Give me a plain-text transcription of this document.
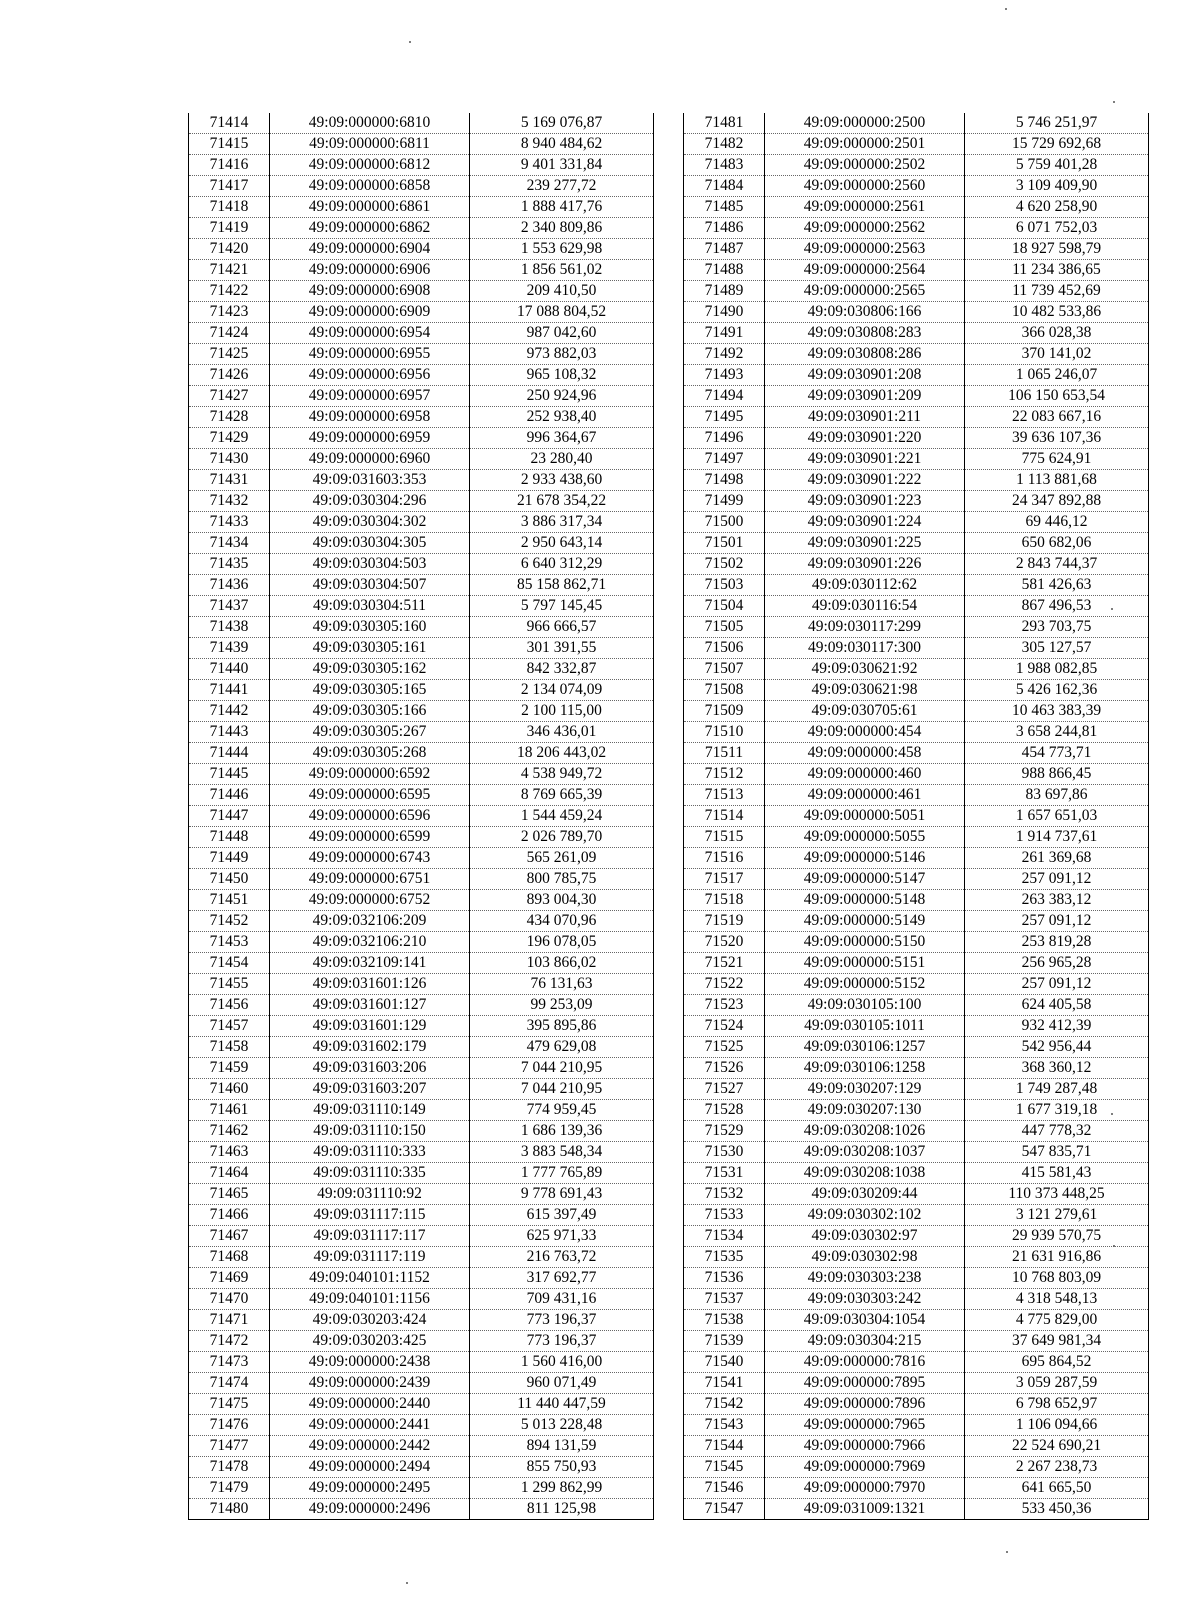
71414	49:09:000000:6810	5 169 076,87
71415	49:09:000000:6811	8 940 484,62
71416	49:09:000000:6812	9 401 331,84
71417	49:09:000000:6858	239 277,72
71418	49:09:000000:6861	1 888 417,76
71419	49:09:000000:6862	2 340 809,86
71420	49:09:000000:6904	1 553 629,98
71421	49:09:000000:6906	1 856 561,02
71422	49:09:000000:6908	209 410,50
71423	49:09:000000:6909	17 088 804,52
71424	49:09:000000:6954	987 042,60
71425	49:09:000000:6955	973 882,03
71426	49:09:000000:6956	965 108,32
71427	49:09:000000:6957	250 924,96
71428	49:09:000000:6958	252 938,40
71429	49:09:000000:6959	996 364,67
71430	49:09:000000:6960	23 280,40
71431	49:09:031603:353	2 933 438,60
71432	49:09:030304:296	21 678 354,22
71433	49:09:030304:302	3 886 317,34
71434	49:09:030304:305	2 950 643,14
71435	49:09:030304:503	6 640 312,29
71436	49:09:030304:507	85 158 862,71
71437	49:09:030304:511	5 797 145,45
71438	49:09:030305:160	966 666,57
71439	49:09:030305:161	301 391,55
71440	49:09:030305:162	842 332,87
71441	49:09:030305:165	2 134 074,09
71442	49:09:030305:166	2 100 115,00
71443	49:09:030305:267	346 436,01
71444	49:09:030305:268	18 206 443,02
71445	49:09:000000:6592	4 538 949,72
71446	49:09:000000:6595	8 769 665,39
71447	49:09:000000:6596	1 544 459,24
71448	49:09:000000:6599	2 026 789,70
71449	49:09:000000:6743	565 261,09
71450	49:09:000000:6751	800 785,75
71451	49:09:000000:6752	893 004,30
71452	49:09:032106:209	434 070,96
71453	49:09:032106:210	196 078,05
71454	49:09:032109:141	103 866,02
71455	49:09:031601:126	76 131,63
71456	49:09:031601:127	99 253,09
71457	49:09:031601:129	395 895,86
71458	49:09:031602:179	479 629,08
71459	49:09:031603:206	7 044 210,95
71460	49:09:031603:207	7 044 210,95
71461	49:09:031110:149	774 959,45
71462	49:09:031110:150	1 686 139,36
71463	49:09:031110:333	3 883 548,34
71464	49:09:031110:335	1 777 765,89
71465	49:09:031110:92	9 778 691,43
71466	49:09:031117:115	615 397,49
71467	49:09:031117:117	625 971,33
71468	49:09:031117:119	216 763,72
71469	49:09:040101:1152	317 692,77
71470	49:09:040101:1156	709 431,16
71471	49:09:030203:424	773 196,37
71472	49:09:030203:425	773 196,37
71473	49:09:000000:2438	1 560 416,00
71474	49:09:000000:2439	960 071,49
71475	49:09:000000:2440	11 440 447,59
71476	49:09:000000:2441	5 013 228,48
71477	49:09:000000:2442	894 131,59
71478	49:09:000000:2494	855 750,93
71479	49:09:000000:2495	1 299 862,99
71480	49:09:000000:2496	811 125,98
71481	49:09:000000:2500	5 746 251,97
71482	49:09:000000:2501	15 729 692,68
71483	49:09:000000:2502	5 759 401,28
71484	49:09:000000:2560	3 109 409,90
71485	49:09:000000:2561	4 620 258,90
71486	49:09:000000:2562	6 071 752,03
71487	49:09:000000:2563	18 927 598,79
71488	49:09:000000:2564	11 234 386,65
71489	49:09:000000:2565	11 739 452,69
71490	49:09:030806:166	10 482 533,86
71491	49:09:030808:283	366 028,38
71492	49:09:030808:286	370 141,02
71493	49:09:030901:208	1 065 246,07
71494	49:09:030901:209	106 150 653,54
71495	49:09:030901:211	22 083 667,16
71496	49:09:030901:220	39 636 107,36
71497	49:09:030901:221	775 624,91
71498	49:09:030901:222	1 113 881,68
71499	49:09:030901:223	24 347 892,88
71500	49:09:030901:224	69 446,12
71501	49:09:030901:225	650 682,06
71502	49:09:030901:226	2 843 744,37
71503	49:09:030112:62	581 426,63
71504	49:09:030116:54	867 496,53
71505	49:09:030117:299	293 703,75
71506	49:09:030117:300	305 127,57
71507	49:09:030621:92	1 988 082,85
71508	49:09:030621:98	5 426 162,36
71509	49:09:030705:61	10 463 383,39
71510	49:09:000000:454	3 658 244,81
71511	49:09:000000:458	454 773,71
71512	49:09:000000:460	988 866,45
71513	49:09:000000:461	83 697,86
71514	49:09:000000:5051	1 657 651,03
71515	49:09:000000:5055	1 914 737,61
71516	49:09:000000:5146	261 369,68
71517	49:09:000000:5147	257 091,12
71518	49:09:000000:5148	263 383,12
71519	49:09:000000:5149	257 091,12
71520	49:09:000000:5150	253 819,28
71521	49:09:000000:5151	256 965,28
71522	49:09:000000:5152	257 091,12
71523	49:09:030105:100	624 405,58
71524	49:09:030105:1011	932 412,39
71525	49:09:030106:1257	542 956,44
71526	49:09:030106:1258	368 360,12
71527	49:09:030207:129	1 749 287,48
71528	49:09:030207:130	1 677 319,18
71529	49:09:030208:1026	447 778,32
71530	49:09:030208:1037	547 835,71
71531	49:09:030208:1038	415 581,43
71532	49:09:030209:44	110 373 448,25
71533	49:09:030302:102	3 121 279,61
71534	49:09:030302:97	29 939 570,75
71535	49:09:030302:98	21 631 916,86
71536	49:09:030303:238	10 768 803,09
71537	49:09:030303:242	4 318 548,13
71538	49:09:030304:1054	4 775 829,00
71539	49:09:030304:215	37 649 981,34
71540	49:09:000000:7816	695 864,52
71541	49:09:000000:7895	3 059 287,59
71542	49:09:000000:7896	6 798 652,97
71543	49:09:000000:7965	1 106 094,66
71544	49:09:000000:7966	22 524 690,21
71545	49:09:000000:7969	2 267 238,73
71546	49:09:000000:7970	641 665,50
71547	49:09:031009:1321	533 450,36
